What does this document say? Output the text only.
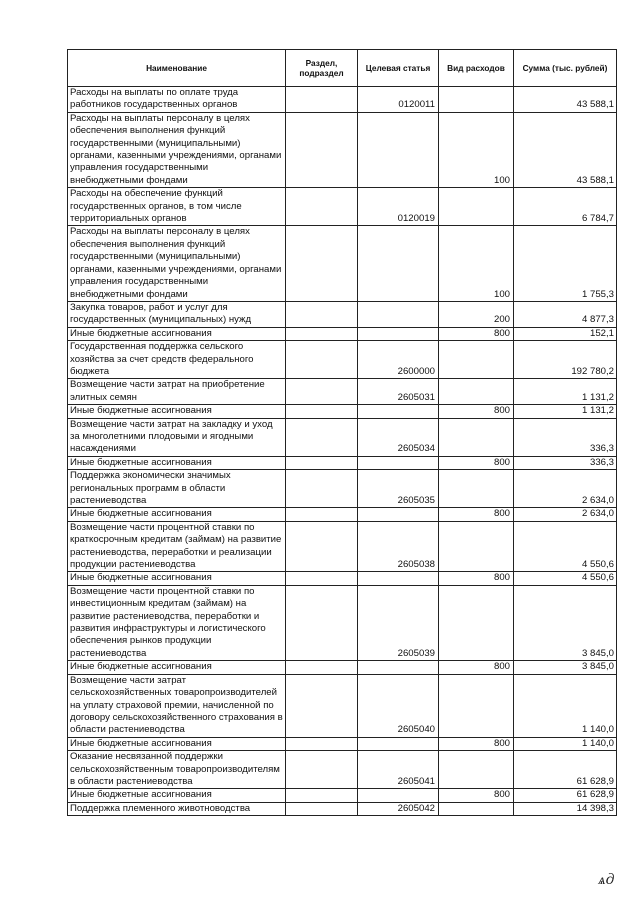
Наименование	Раздел, подраздел	Целевая статья	Вид расходов	Сумма (тыс. рублей)
Расходы на выплаты по оплате труда работников государственных органов		0120011		43 588,1
Расходы на выплаты персоналу в целях обеспечения выполнения функций государственными (муниципальными) органами, казенными учреждениями, органами управления государственными внебюджетными фондами			100	43 588,1
Расходы на обеспечение функций государственных органов, в том числе территориальных органов		0120019		6 784,7
Расходы на выплаты персоналу в целях обеспечения выполнения функций государственными (муниципальными) органами, казенными учреждениями, органами управления государственными внебюджетными фондами			100	1 755,3
Закупка товаров, работ и услуг для государственных (муниципальных) нужд			200	4 877,3
Иные бюджетные ассигнования			800	152,1
Государственная поддержка сельского хозяйства за счет средств федерального бюджета		2600000		192 780,2
Возмещение части затрат на приобретение элитных семян		2605031		1 131,2
Иные бюджетные ассигнования			800	1 131,2
Возмещение части затрат на закладку и уход за многолетними плодовыми и ягодными насаждениями		2605034		336,3
Иные бюджетные ассигнования			800	336,3
Поддержка экономически значимых региональных программ в области растениеводства		2605035		2 634,0
Иные бюджетные ассигнования			800	2 634,0
Возмещение части процентной ставки по краткосрочным кредитам (займам) на развитие растениеводства, переработки и реализации продукции растениеводства		2605038		4 550,6
Иные бюджетные ассигнования			800	4 550,6
Возмещение части процентной ставки по инвестиционным кредитам (займам) на развитие растениеводства, переработки и развития инфраструктуры и логистического обеспечения рынков продукции растениеводства		2605039		3 845,0
Иные бюджетные ассигнования			800	3 845,0
Возмещение части затрат сельскохозяйственных товаропроизводителей на уплату страховой премии, начисленной по договору сельскохозяйственного страхования в области растениеводства		2605040		1 140,0
Иные бюджетные ассигнования			800	1 140,0
Оказание несвязанной поддержки сельскохозяйственным товаропроизводителям в области растениеводства		2605041		61 628,9
Иные бюджетные ассигнования			800	61 628,9
Поддержка племенного животноводства		2605042		14 398,3
ѧд
